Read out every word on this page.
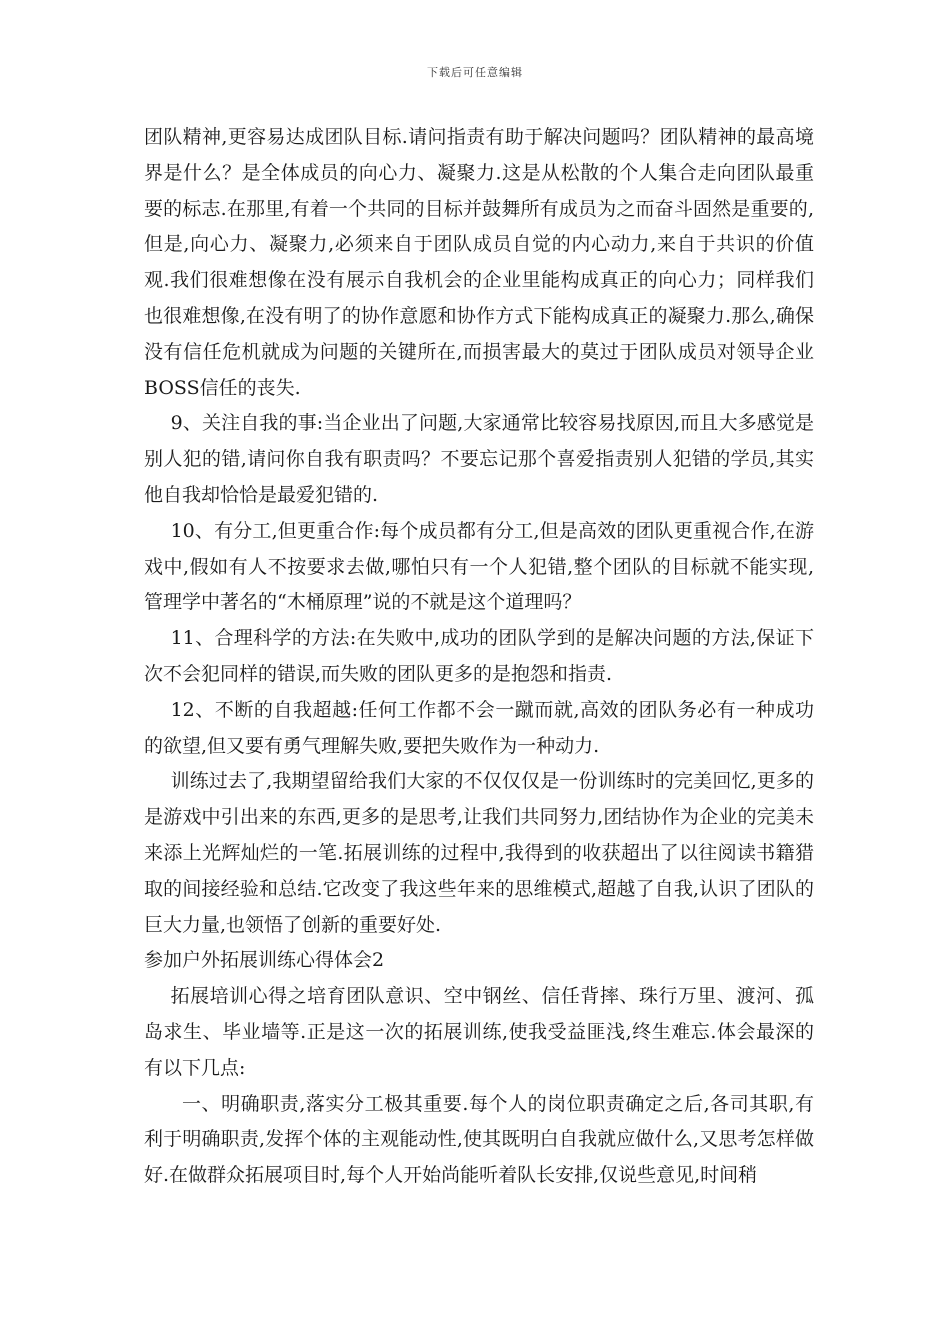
下载后可任意编辑

团队精神,更容易达成团队目标.请问指责有助于解决问题吗？团队精神的最高境界是什么？是全体成员的向心力、凝聚力.这是从松散的个人集合走向团队最重要的标志.在那里,有着一个共同的目标并鼓舞所有成员为之而奋斗固然是重要的,但是,向心力、凝聚力,必须来自于团队成员自觉的内心动力,来自于共识的价值观.我们很难想像在没有展示自我机会的企业里能构成真正的向心力；同样我们也很难想像,在没有明了的协作意愿和协作方式下能构成真正的凝聚力.那么,确保没有信任危机就成为问题的关键所在,而损害最大的莫过于团队成员对领导企业BOSS信任的丧失.

9、关注自我的事:当企业出了问题,大家通常比较容易找原因,而且大多感觉是别人犯的错,请问你自我有职责吗？不要忘记那个喜爱指责别人犯错的学员,其实他自我却恰恰是最爱犯错的.

10、有分工,但更重合作:每个成员都有分工,但是高效的团队更重视合作,在游戏中,假如有人不按要求去做,哪怕只有一个人犯错,整个团队的目标就不能实现,管理学中著名的“木桶原理”说的不就是这个道理吗？

11、合理科学的方法:在失败中,成功的团队学到的是解决问题的方法,保证下次不会犯同样的错误,而失败的团队更多的是抱怨和指责.

12、不断的自我超越:任何工作都不会一蹴而就,高效的团队务必有一种成功的欲望,但又要有勇气理解失败,要把失败作为一种动力.

训练过去了,我期望留给我们大家的不仅仅仅是一份训练时的完美回忆,更多的是游戏中引出来的东西,更多的是思考,让我们共同努力,团结协作为企业的完美未来添上光辉灿烂的一笔.拓展训练的过程中,我得到的收获超出了以往阅读书籍猎取的间接经验和总结.它改变了我这些年来的思维模式,超越了自我,认识了团队的巨大力量,也领悟了创新的重要好处.

参加户外拓展训练心得体会2

拓展培训心得之培育团队意识、空中钢丝、信任背摔、珠行万里、渡河、孤岛求生、毕业墙等.正是这一次的拓展训练,使我受益匪浅,终生难忘.体会最深的有以下几点:

一、明确职责,落实分工极其重要.每个人的岗位职责确定之后,各司其职,有利于明确职责,发挥个体的主观能动性,使其既明白自我就应做什么,又思考怎样做好.在做群众拓展项目时,每个人开始尚能听着队长安排,仅说些意见,时间稍
